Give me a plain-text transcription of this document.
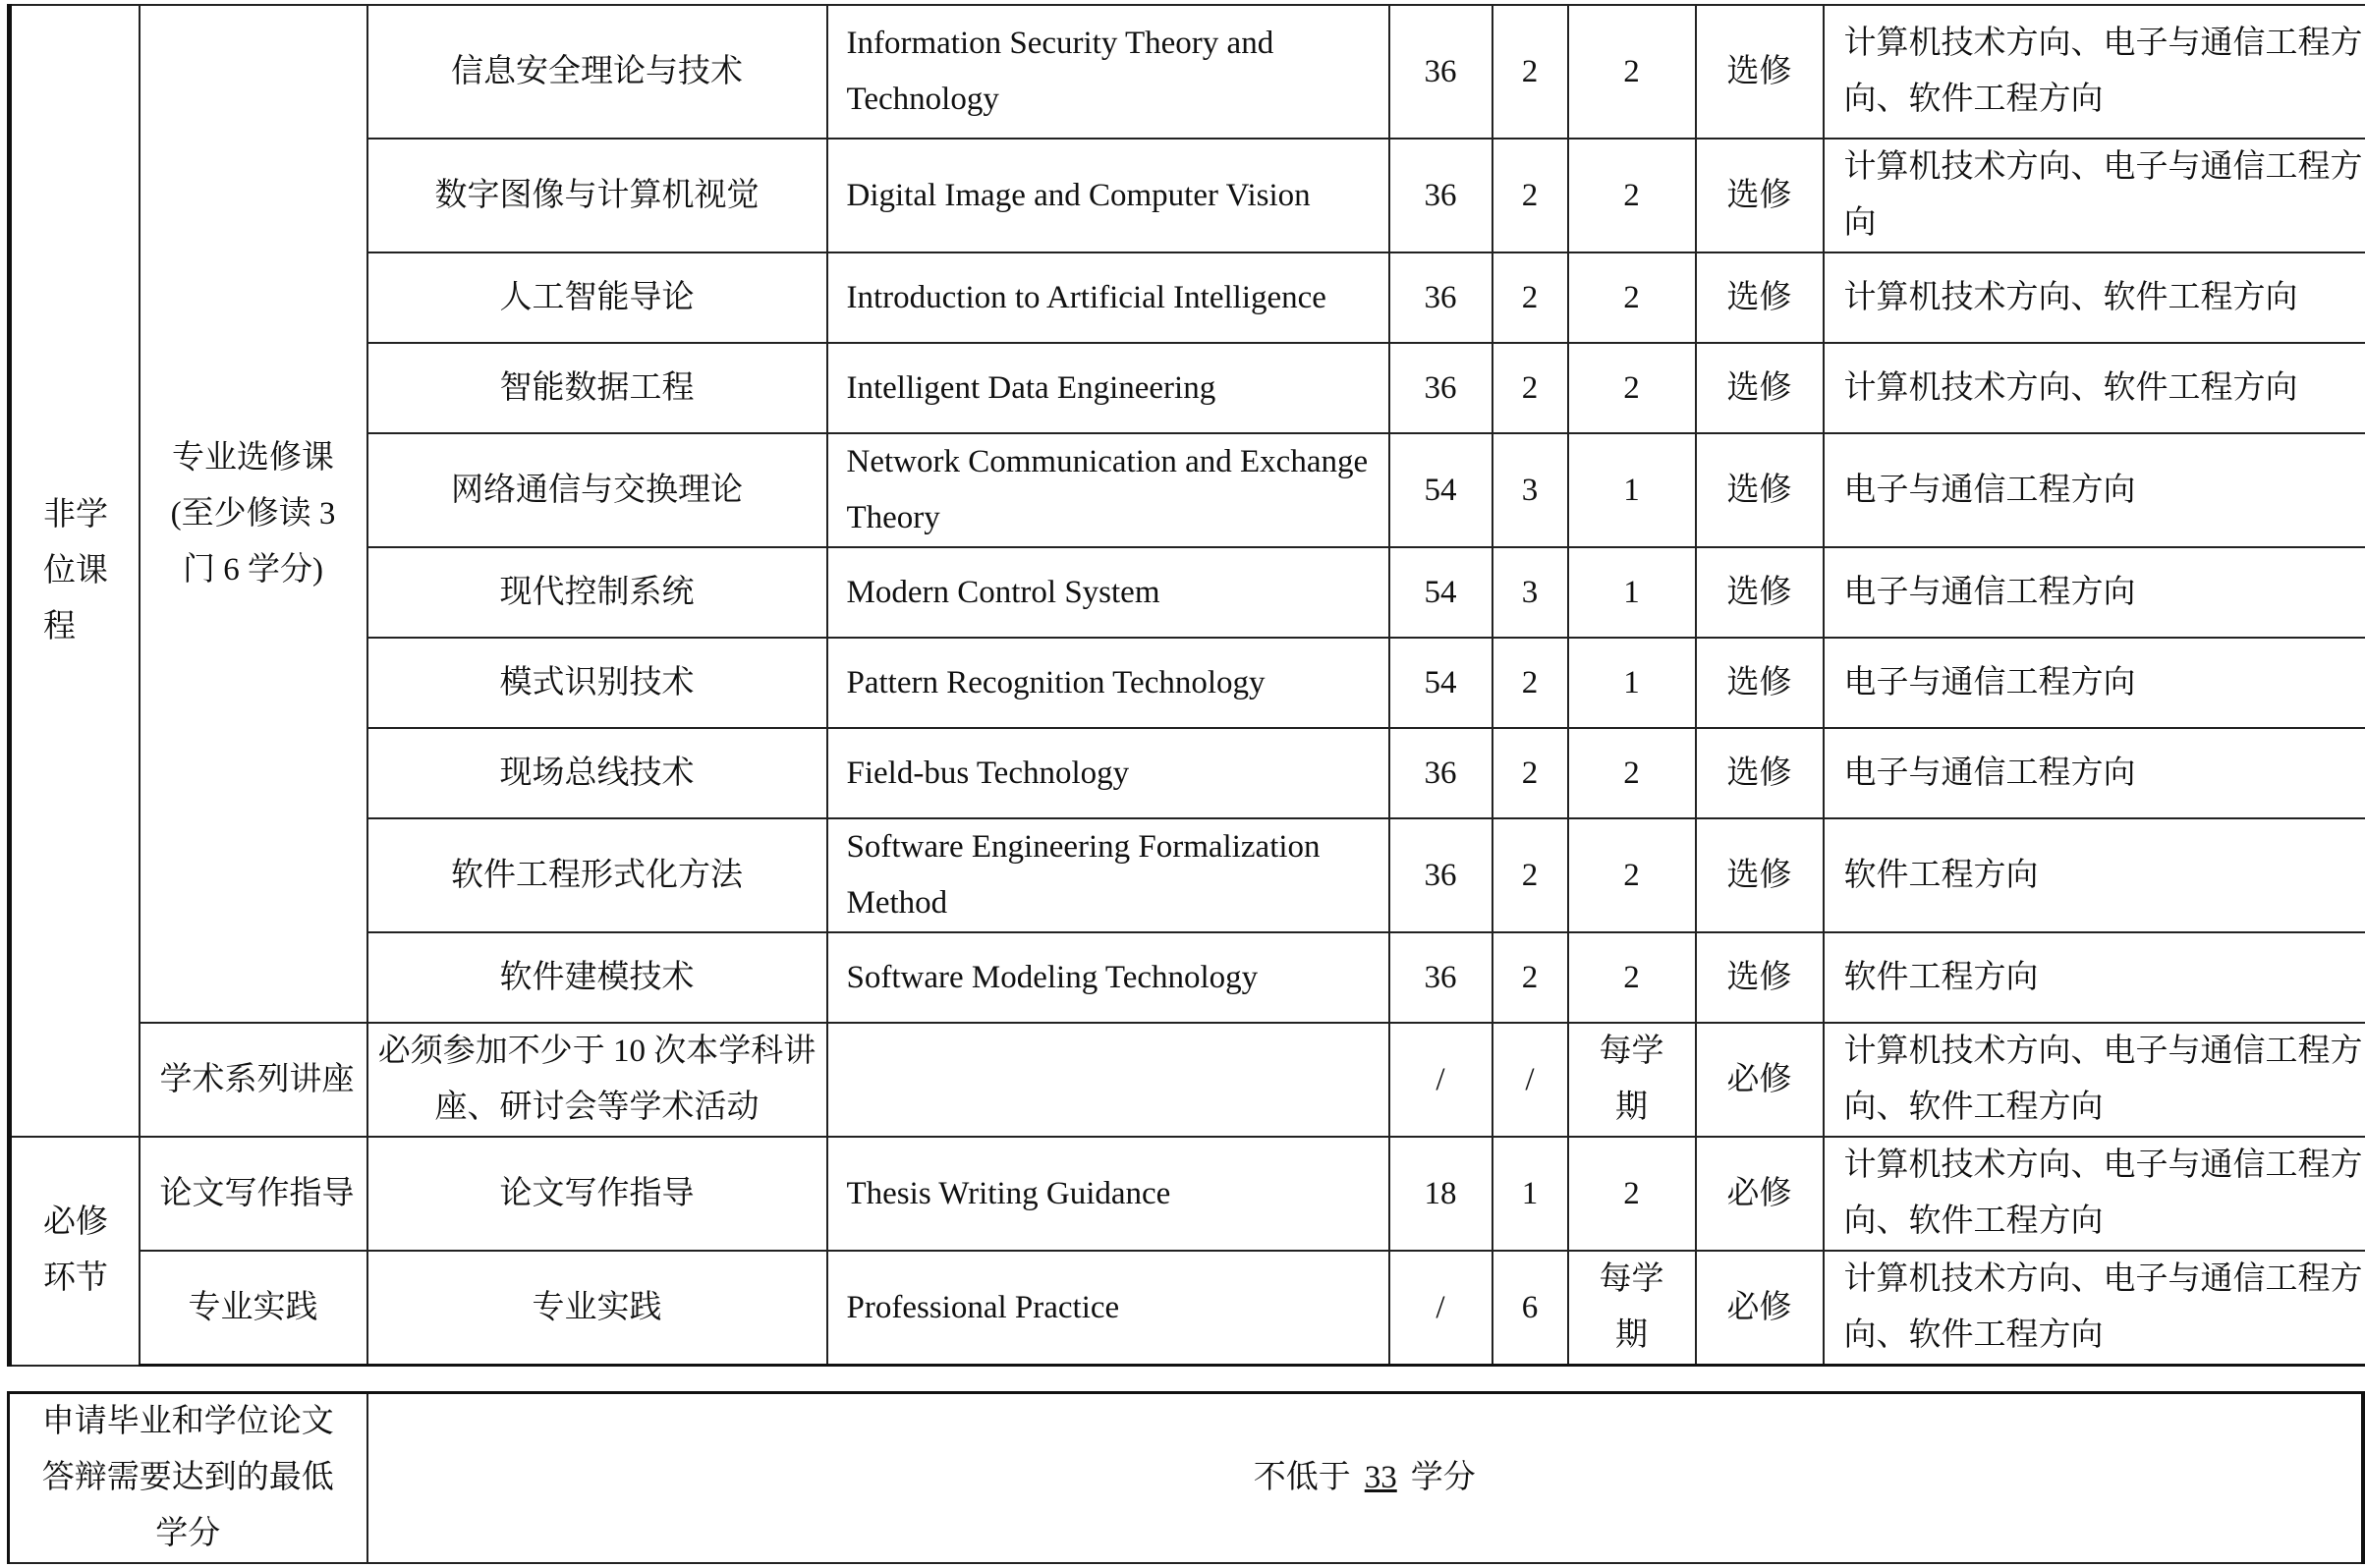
非学位课程	专业选修课(至少修读 3 门 6 学分)	信息安全理论与技术	Information Security Theory and Technology	36	2	2	选修	计算机技术方向、电子与通信工程方向、软件工程方向
		数字图像与计算机视觉	Digital Image and Computer Vision	36	2	2	选修	计算机技术方向、电子与通信工程方向
		人工智能导论	Introduction to Artificial Intelligence	36	2	2	选修	计算机技术方向、软件工程方向
		智能数据工程	Intelligent Data Engineering	36	2	2	选修	计算机技术方向、软件工程方向
		网络通信与交换理论	Network Communication and Exchange Theory	54	3	1	选修	电子与通信工程方向
		现代控制系统	Modern Control System	54	3	1	选修	电子与通信工程方向
		模式识别技术	Pattern Recognition Technology	54	2	1	选修	电子与通信工程方向
		现场总线技术	Field-bus Technology	36	2	2	选修	电子与通信工程方向
		软件工程形式化方法	Software Engineering Formalization Method	36	2	2	选修	软件工程方向
		软件建模技术	Software Modeling Technology	36	2	2	选修	软件工程方向
	学术系列讲座	必须参加不少于 10 次本学科讲座、研讨会等学术活动		/	/	每学期	必修	计算机技术方向、电子与通信工程方向、软件工程方向
必修环节	论文写作指导	论文写作指导	Thesis Writing Guidance	18	1	2	必修	计算机技术方向、电子与通信工程方向、软件工程方向
	专业实践	专业实践	Professional Practice	/	6	每学期	必修	计算机技术方向、电子与通信工程方向、软件工程方向
申请毕业和学位论文答辩需要达到的最低学分	不低于 33 学分
